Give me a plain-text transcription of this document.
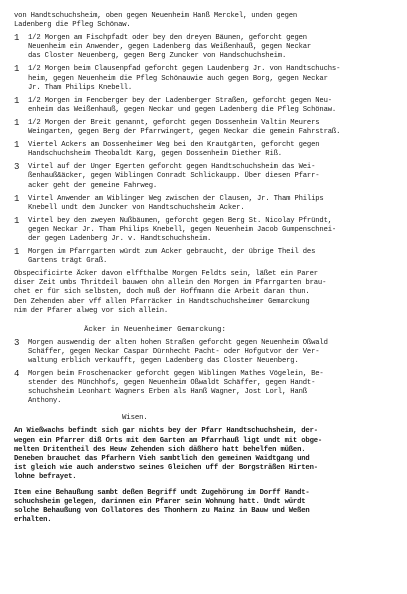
von Handtschuchsheim, oben gegen Neuenheim Hanß Merckel, unden gegen
Ladenberg die Pfleg Schönaw.
1	1/2 Morgen am Fischpfadt oder bey den dreyen Bäunen, geforcht gegen
Neuenheim ein Anwender, gegen Ladenberg das Weißenhauß, gegen Neckar
das Closter Neuenberg, gegen Berg Zuncker von Handschuchsheim.
1	1/2 Morgen beim Clausenpfad geforcht gegen Laudenberg Jr. von Handtschuchs-
heim, gegen Neuenheim die Pfleg Schönauwie auch gegen Borg, gegen Neckar
Jr. Tham Philips Knebell.
1	1/2 Morgen im Fencberger bey der Ladenberger Straßen, geforcht gegen Neu-
enheim das Weißenhauß, gegen Neckar und gegen Ladenberg die Pfleg Schönaw.
1	1/2 Morgen der Breit genannt, geforcht gegen Dossenheim Valtin Meurers
Weingarten, gegen Berg der Pfarrwingert, gegen Neckar die gemein Fahrstraß.
1	Viertel Ackers am Dossenheimer Weg bei den Krautgärten, geforcht gegen
Handschuchsheim Theobaldt Karg, gegen Dossenheim Diether Riß.
3	Virtel auf der Unger Egerten geforcht gegen Handtschuchsheim das Wei-
ßenhauß&äcker, gegen Wiblingen Conradt Schlickaupp. Über diesen Pfarr-
acker geht der gemeine Fahrweg.
1	Virtel Anwender am Wiblinger Weg zwischen der Clausen, Jr. Tham Philips
Knebell undt dem Juncker von Handtschuchsheim Acker.
1	Virtel bey den zweyen Nußbäumen, geforcht gegen Berg St. Nicolay Pfründt,
gegen Neckar Jr. Tham Philips Knebell, gegen Neuenheim Jacob Gumpenschnei-
der gegen Ladenberg Jr. v. Handtschuchsheim.
1	Morgen im Pfarrgarten würdt zum Acker gebraucht, der übrige Theil des
Gartens trägt Graß.
Obspecificirte Äcker davon elffthalbe Morgen Feldts sein, läßet ein Parer
diser Zeit umbs Thritdeil bauwen ohn allein den Morgen im Pfarrgarten brau-
chet er für sich selbsten, doch muß der Hoffmann die Arbeit daran thun.
Den Zehenden aber vff allen Pfarräcker in Handtschuchsheimer Gemarckung
nim der Pfarer alweg vor sich allein.
Äcker in Neuenheimer Gemarckung:
3	Morgen auswendig der alten hohen Straßen geforcht gegen Neuenheim Oßwald
Schäffer, gegen Neckar Caspar Dürnhecht Pacht- oder Hofgutvor der Ver-
waltung erblich verkaufft, gegen Ladenberg das Closter Neuenberg.
4	Morgen beim Froschenacker geforcht gegen Wiblingen Mathes Vögelein, Be-
stender des Münchhofs, gegen Neuenheim Oßwaldt Schäffer, gegen Handt-
schuchsheim Leonhart Wagners Erben als Hanß Wagner, Jost Lorl, Hanß
Anthony.
Wisen.
An Wießwachs befindt sich gar nichts bey der Pfarr Handtschuchsheim, der-
wegen ein Pfarrer diß Orts mit dem Garten am Pfarrhauß ligt undt mit obge-
melten Dritentheil des Heuw Zehenden sich däßhero hatt behelfen müßen.
Deneben brauchet das Pfarhern Vieh sambtlich den gemeinen Waidtgang und
ist gleich wie auch anderstwo seines Gleichen uff der Borgsträßen Hirten-
lohne befrayet.
Item eine Behaußung sambt deßen Begriff undt Zugehörung im Dorff Handt-
schuchsheim gelegen, darinnen ein Pfarer sein Wohnung hatt. Undt würdt
solche Behaußung von Collatores des Thonhern zu Mainz in Bauw und Weßen
erhalten.
